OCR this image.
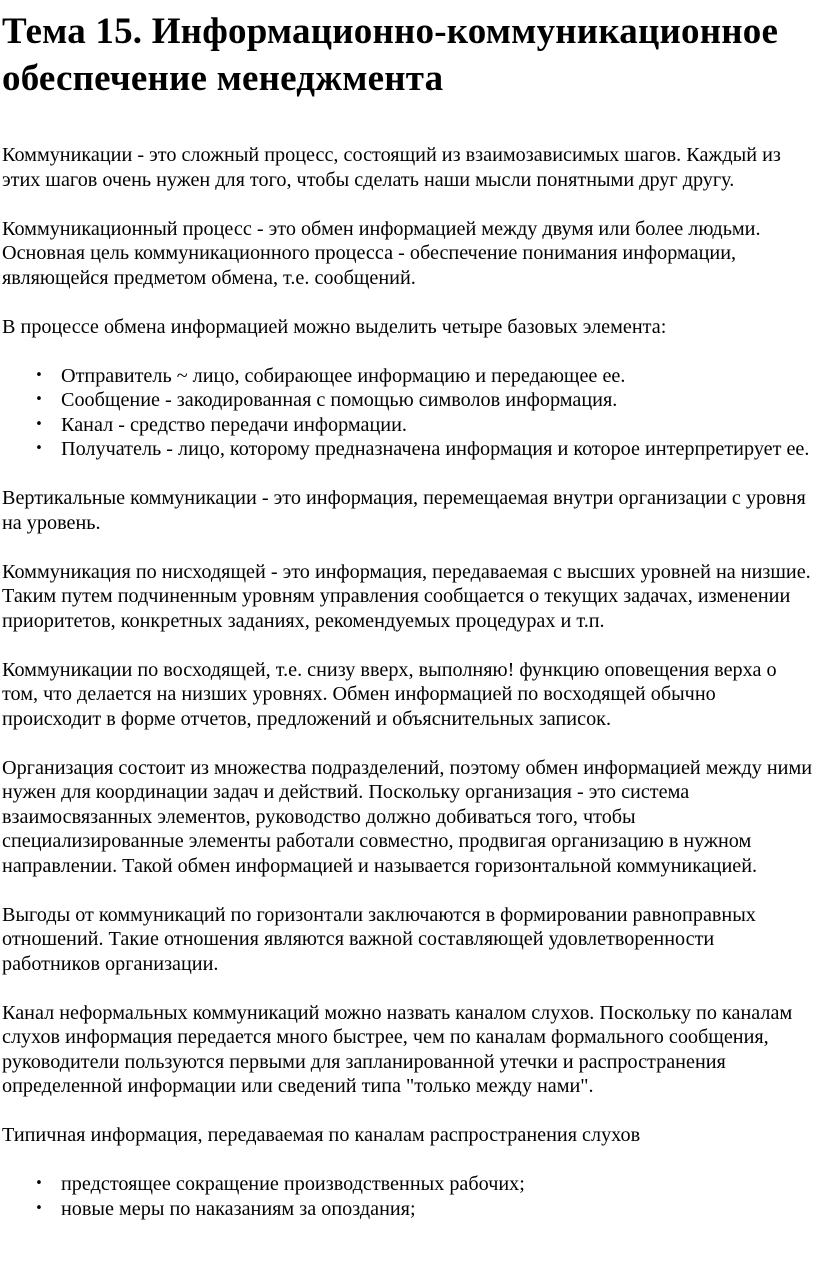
Тема 15. Информационно-коммуникационное обеспечение менеджмента

Коммуникации - это сложный процесс, состоящий из взаимозависимых шагов. Каждый из этих шагов очень нужен для того, чтобы сделать наши мысли понятными друг другу.

Коммуникационный процесс - это обмен информацией между двумя или более людьми. Основная цель коммуникационного процесса - обеспечение понимания информации, являющейся предметом обмена, т.е. сообщений.

В процессе обмена информацией можно выделить четыре базовых элемента:

• Отправитель ~ лицо, собирающее информацию и передающее ее.
• Сообщение - закодированная с помощью символов информация.
• Канал - средство передачи информации.
• Получатель - лицо, которому предназначена информация и которое интерпретирует ее.

Вертикальные коммуникации - это информация, перемещаемая внутри организации с уровня на уровень.

Коммуникация по нисходящей - это информация, передаваемая с высших уровней на низшие. Таким путем подчиненным уровням управления сообщается о текущих задачах, изменении приоритетов, конкретных заданиях, рекомендуемых процедурах и т.п.

Коммуникации по восходящей, т.е. снизу вверх, выполняю! функцию оповещения верха о том, что делается на низших уровнях. Обмен информацией по восходящей обычно происходит в форме отчетов, предложений и объяснительных записок.

Организация состоит из множества подразделений, поэтому обмен информацией между ними нужен для координации задач и действий. Поскольку организация - это система взаимосвязанных элементов, руководство должно добиваться того, чтобы специализированные элементы работали совместно, продвигая организацию в нужном направлении. Такой обмен информацией и называется горизонтальной коммуникацией.

Выгоды от коммуникаций по горизонтали заключаются в формировании равноправных отношений. Такие отношения являются важной составляющей удовлетворенности работников организации.

Канал неформальных коммуникаций можно назвать каналом слухов. Поскольку по каналам слухов информация передается много быстрее, чем по каналам формального сообщения, руководители пользуются первыми для запланированной утечки и распространения определенной информации или сведений типа "только между нами".

Типичная информация, передаваемая по каналам распространения слухов

• предстоящее сокращение производственных рабочих;
• новые меры по наказаниям за опоздания;
